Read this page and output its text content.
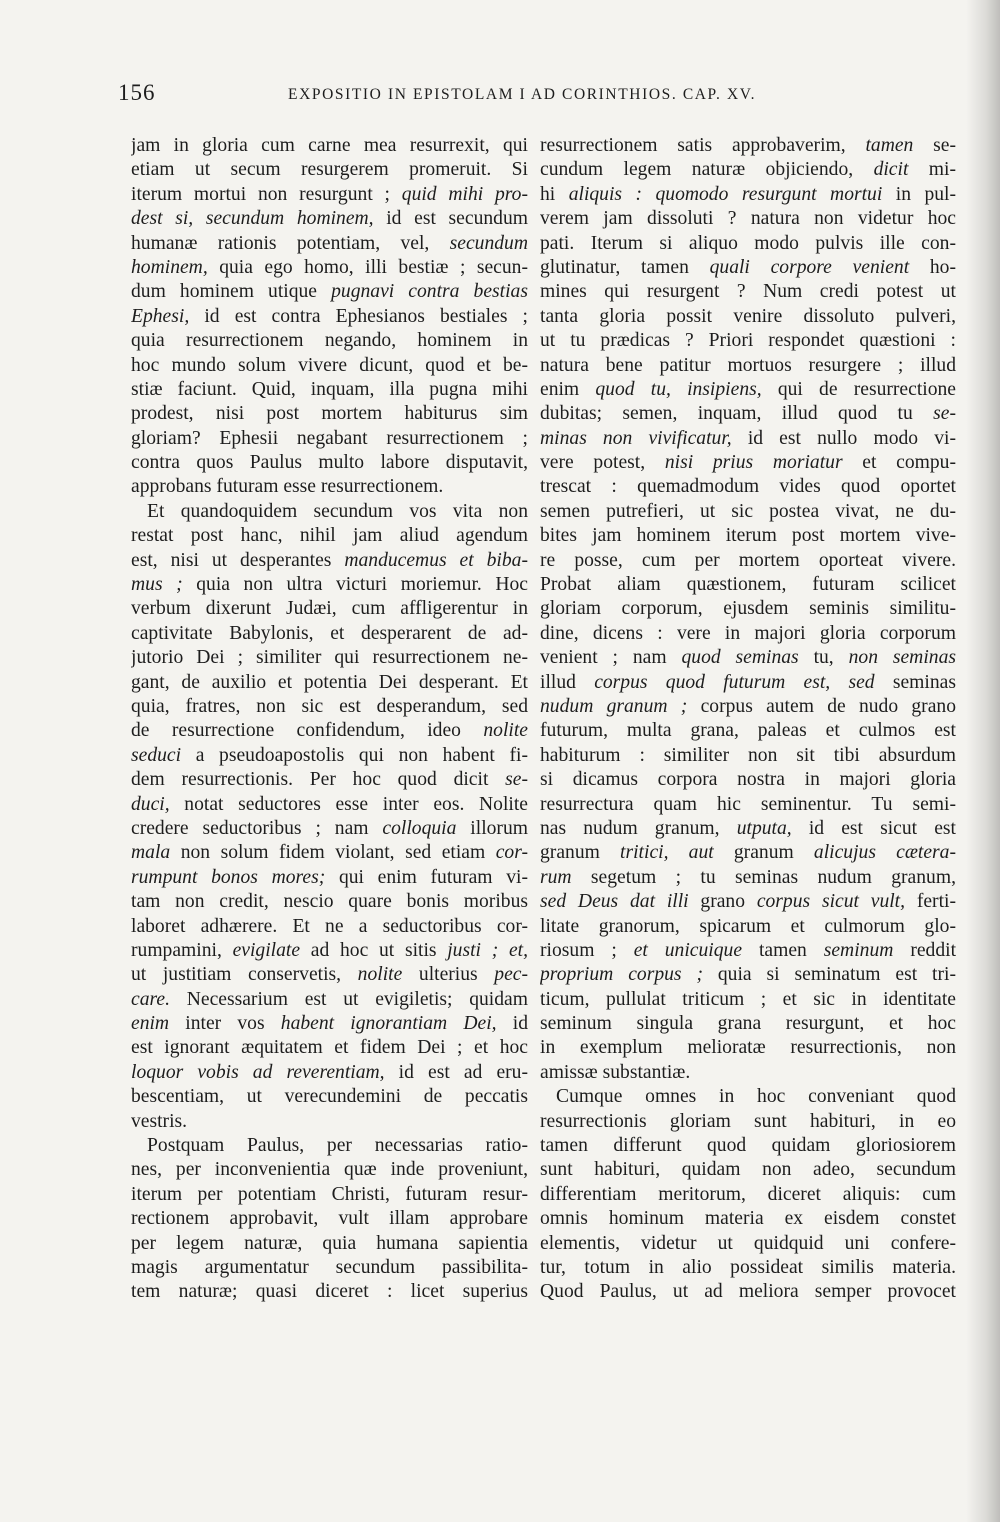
156	EXPOSITIO IN EPISTOLAM I AD CORINTHIOS. CAP. XV.
jam in gloria cum carne mea resurrexit, qui
etiam ut secum resurgerem promeruit. Si
iterum mortui non resurgunt ; quid mihi pro-
dest si, secundum hominem, id est secundum
humanæ rationis potentiam, vel, secundum
hominem, quia ego homo, illi bestiæ ; secun-
dum hominem utique pugnavi contra bestias
Ephesi, id est contra Ephesianos bestiales ;
quia resurrectionem negando, hominem in
hoc mundo solum vivere dicunt, quod et be-
stiæ faciunt. Quid, inquam, illa pugna mihi
prodest, nisi post mortem habiturus sim
gloriam? Ephesii negabant resurrectionem ;
contra quos Paulus multo labore disputavit,
approbans futuram esse resurrectionem.
Et quandoquidem secundum vos vita non
restat post hanc, nihil jam aliud agendum
est, nisi ut desperantes manducemus et biba-
mus ; quia non ultra victuri moriemur. Hoc
verbum dixerunt Judæi, cum affligerentur in
captivitate Babylonis, et desperarent de ad-
jutorio Dei ; similiter qui resurrectionem ne-
gant, de auxilio et potentia Dei desperant. Et
quia, fratres, non sic est desperandum, sed
de resurrectione confidendum, ideo nolite
seduci a pseudoapostolis qui non habent fi-
dem resurrectionis. Per hoc quod dicit se-
duci, notat seductores esse inter eos. Nolite
credere seductoribus ; nam colloquia illorum
mala non solum fidem violant, sed etiam cor-
rumpunt bonos mores; qui enim futuram vi-
tam non credit, nescio quare bonis moribus
laboret adhærere. Et ne a seductoribus cor-
rumpamini, evigilate ad hoc ut sitis justi ; et,
ut justitiam conservetis, nolite ulterius pec-
care. Necessarium est ut evigiletis; quidam
enim inter vos habent ignorantiam Dei, id
est ignorant æquitatem et fidem Dei ; et hoc
loquor vobis ad reverentiam, id est ad eru-
bescentiam, ut verecundemini de peccatis
vestris.
Postquam Paulus, per necessarias ratio-
nes, per inconvenientia quæ inde proveniunt,
iterum per potentiam Christi, futuram resur-
rectionem approbavit, vult illam approbare
per legem naturæ, quia humana sapientia
magis argumentatur secundum passibilita-
tem naturæ; quasi diceret : licet superius
resurrectionem satis approbaverim, tamen se-
cundum legem naturæ objiciendo, dicit mi-
hi aliquis : quomodo resurgunt mortui in pul-
verem jam dissoluti ? natura non videtur hoc
pati. Iterum si aliquo modo pulvis ille con-
glutinatur, tamen quali corpore venient ho-
mines qui resurgent ? Num credi potest ut
tanta gloria possit venire dissoluto pulveri,
ut tu prædicas ? Priori respondet quæstioni :
natura bene patitur mortuos resurgere ; illud
enim quod tu, insipiens, qui de resurrectione
dubitas; semen, inquam, illud quod tu se-
minas non vivificatur, id est nullo modo vi-
vere potest, nisi prius moriatur et compu-
trescat : quemadmodum vides quod oportet
semen putrefieri, ut sic postea vivat, ne du-
bites jam hominem iterum post mortem vive-
re posse, cum per mortem oporteat vivere.
Probat aliam quæstionem, futuram scilicet
gloriam corporum, ejusdem seminis similitu-
dine, dicens : vere in majori gloria corporum
venient ; nam quod seminas tu, non seminas
illud corpus quod futurum est, sed seminas
nudum granum ; corpus autem de nudo grano
futurum, multa grana, paleas et culmos est
habiturum : similiter non sit tibi absurdum
si dicamus corpora nostra in majori gloria
resurrectura quam hic seminentur. Tu semi-
nas nudum granum, utputa, id est sicut est
granum tritici, aut granum alicujus cætera-
rum segetum ; tu seminas nudum granum,
sed Deus dat illi grano corpus sicut vult, ferti-
litate granorum, spicarum et culmorum glo-
riosum ; et unicuique tamen seminum reddit
proprium corpus ; quia si seminatum est tri-
ticum, pullulat triticum ; et sic in identitate
seminum singula grana resurgunt, et hoc
in exemplum melioratæ resurrectionis, non
amissæ substantiæ.
Cumque omnes in hoc conveniant quod
resurrectionis gloriam sunt habituri, in eo
tamen differunt quod quidam gloriosiorem
sunt habituri, quidam non adeo, secundum
differentiam meritorum, diceret aliquis: cum
omnis hominum materia ex eisdem constet
elementis, videtur ut quidquid uni confere-
tur, totum in alio possideat similis materia.
Quod Paulus, ut ad meliora semper provocet
